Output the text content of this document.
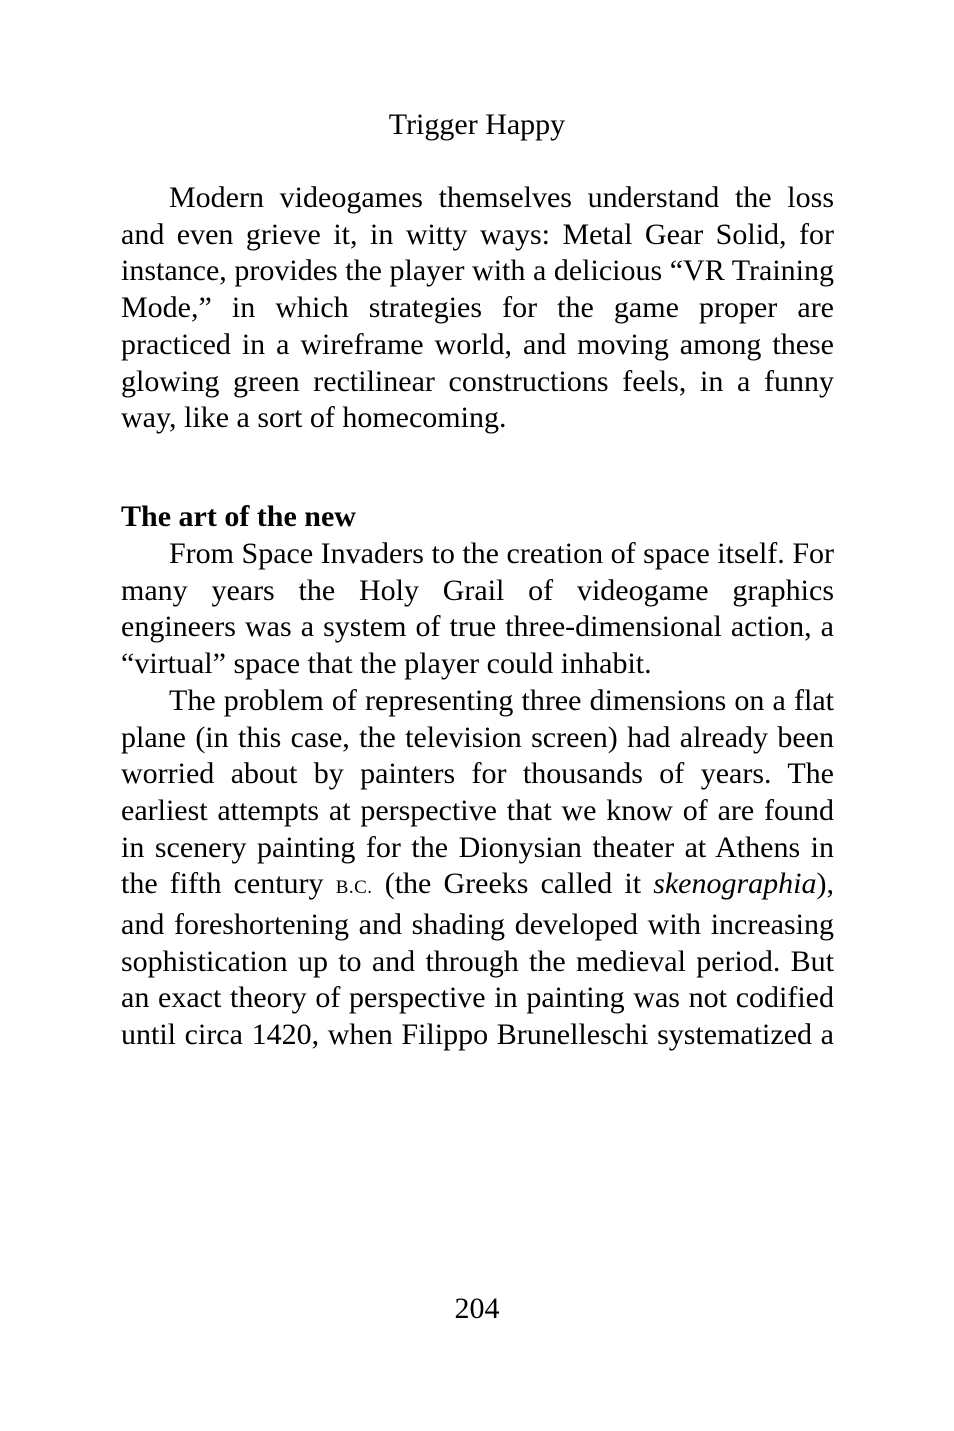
Trigger Happy

Modern videogames themselves understand the loss and even grieve it, in witty ways: Metal Gear Solid, for instance, provides the player with a delicious “VR Training Mode,” in which strategies for the game proper are practiced in a wireframe world, and moving among these glowing green rectilinear constructions feels, in a funny way, like a sort of homecoming.

The art of the new

From Space Invaders to the creation of space itself. For many years the Holy Grail of videogame graphics engineers was a system of true three-dimensional action, a “virtual” space that the player could inhabit.

The problem of representing three dimensions on a flat plane (in this case, the television screen) had already been worried about by painters for thousands of years. The earliest attempts at perspective that we know of are found in scenery painting for the Dionysian theater at Athens in the fifth century B.C. (the Greeks called it skenographia), and foreshortening and shading developed with increasing sophistication up to and through the medieval period. But an exact theory of perspective in painting was not codified until circa 1420, when Filippo Brunelleschi systematized a

204
